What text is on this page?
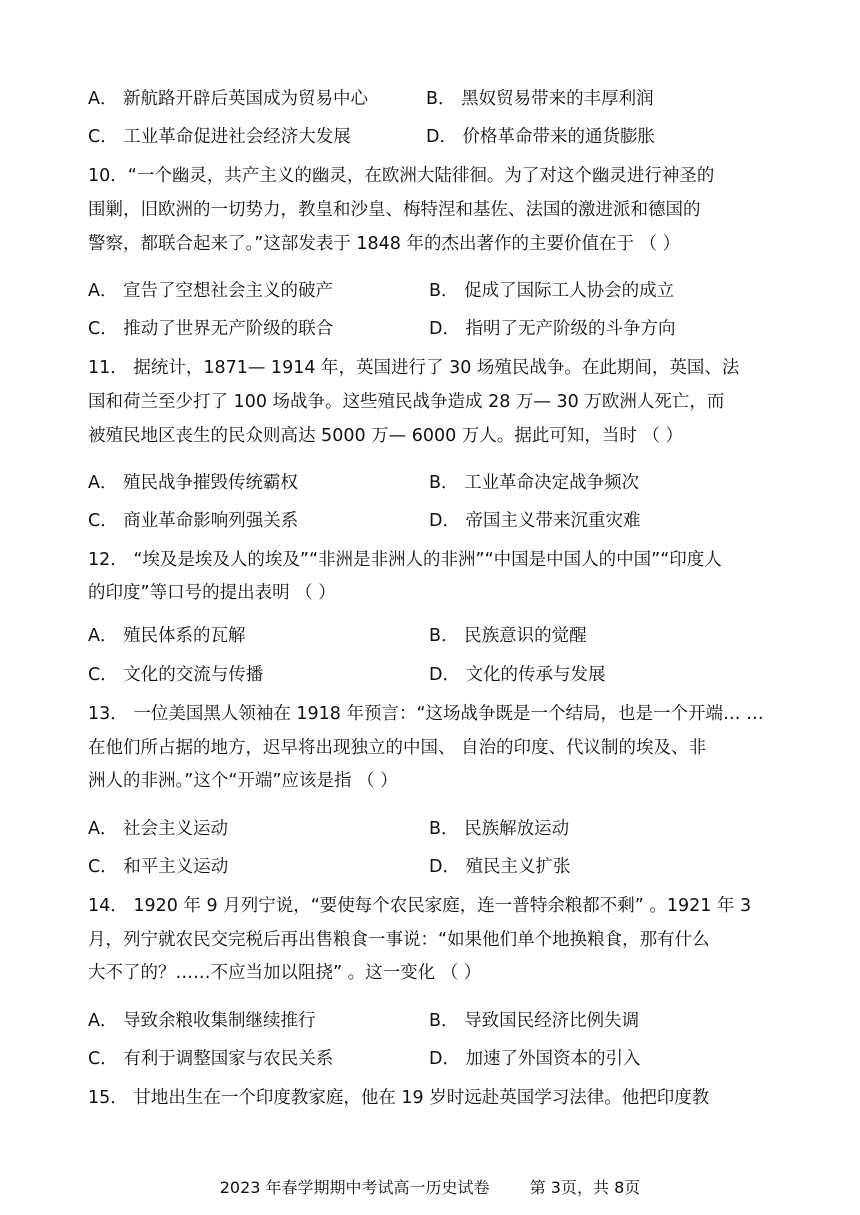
A． 新航路开辟后英国成为贸易中心	B． 黑奴贸易带来的丰厚利润
C． 工业革命促进社会经济大发展	D． 价格革命带来的通货膨胀
10．“一个幽灵，共产主义的幽灵，在欧洲大陆徘徊。为了对这个幽灵进行神圣的
围剿，旧欧洲的一切势力，教皇和沙皇、梅特涅和基佐、法国的激进派和德国的
警察，都联合起来了。”这部发表于 1848 年的杰出著作的主要价值在于 （ ）
A． 宣告了空想社会主义的破产	B． 促成了国际工人协会的成立
C． 推动了世界无产阶级的联合	D． 指明了无产阶级的斗争方向
11． 据统计，1871— 1914 年，英国进行了 30 场殖民战争。在此期间，英国、法
国和荷兰至少打了 100 场战争。这些殖民战争造成 28 万— 30 万欧洲人死亡，而
被殖民地区丧生的民众则高达 5000 万— 6000 万人。据此可知，当时 （ ）
A． 殖民战争摧毁传统霸权	B． 工业革命决定战争频次
C． 商业革命影响列强关系	D． 帝国主义带来沉重灾难
12． “埃及是埃及人的埃及”“非洲是非洲人的非洲”“中国是中国人的中国”“印度人
的印度”等口号的提出表明 （ ）
A． 殖民体系的瓦解	B． 民族意识的觉醒
C． 文化的交流与传播	D． 文化的传承与发展
13． 一位美国黑人领袖在 1918 年预言：“这场战争既是一个结局，也是一个开端… …
在他们所占据的地方，迟早将出现独立的中国、 自治的印度、代议制的埃及、非
洲人的非洲。”这个“开端”应该是指 （ ）
A． 社会主义运动	B． 民族解放运动
C． 和平主义运动	D． 殖民主义扩张
14． 1920 年 9 月列宁说，“要使每个农民家庭，连一普特余粮都不剩” 。1921 年 3
月，列宁就农民交完税后再出售粮食一事说：“如果他们单个地换粮食，那有什么
大不了的？……不应当加以阻挠” 。这一变化 （ ）
A． 导致余粮收集制继续推行	B． 导致国民经济比例失调
C． 有利于调整国家与农民关系	D． 加速了外国资本的引入
15． 甘地出生在一个印度教家庭，他在 19 岁时远赴英国学习法律。他把印度教
2023 年春学期期中考试高一历史试卷	第 3页，共 8页
